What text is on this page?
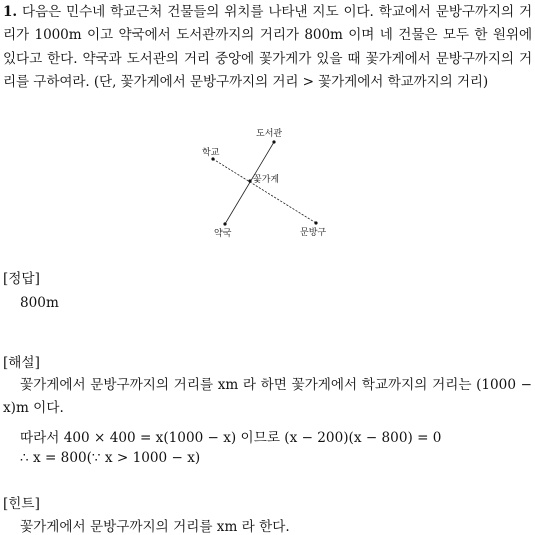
1. 다음은 민수네 학교근처 건물들의 위치를 나타낸 지도 이다. 학교에서 문방구까지의 거리가 1000m 이고 약국에서 도서관까지의 거리가 800m 이며 네 건물은 모두 한 원위에 있다고 한다. 약국과 도서관의 거리 중앙에 꽃가게가 있을 때 꽃가게에서 문방구까지의 거리를 구하여라. (단, 꽃가게에서 문방구까지의 거리 > 꽃가게에서 학교까지의 거리)
도서관
학교
꽃가게
약국	문방구
[정답]
800m
[해설]
꽃가게에서 문방구까지의 거리를 xm 라 하면 꽃가게에서 학교까지의 거리는 (1000 − x)m 이다.
따라서 400 × 400 = x(1000 − x) 이므로 (x − 200)(x − 800) = 0
∴ x = 800(∵ x > 1000 − x)
[힌트]
꽃가게에서 문방구까지의 거리를 xm 라 한다.
